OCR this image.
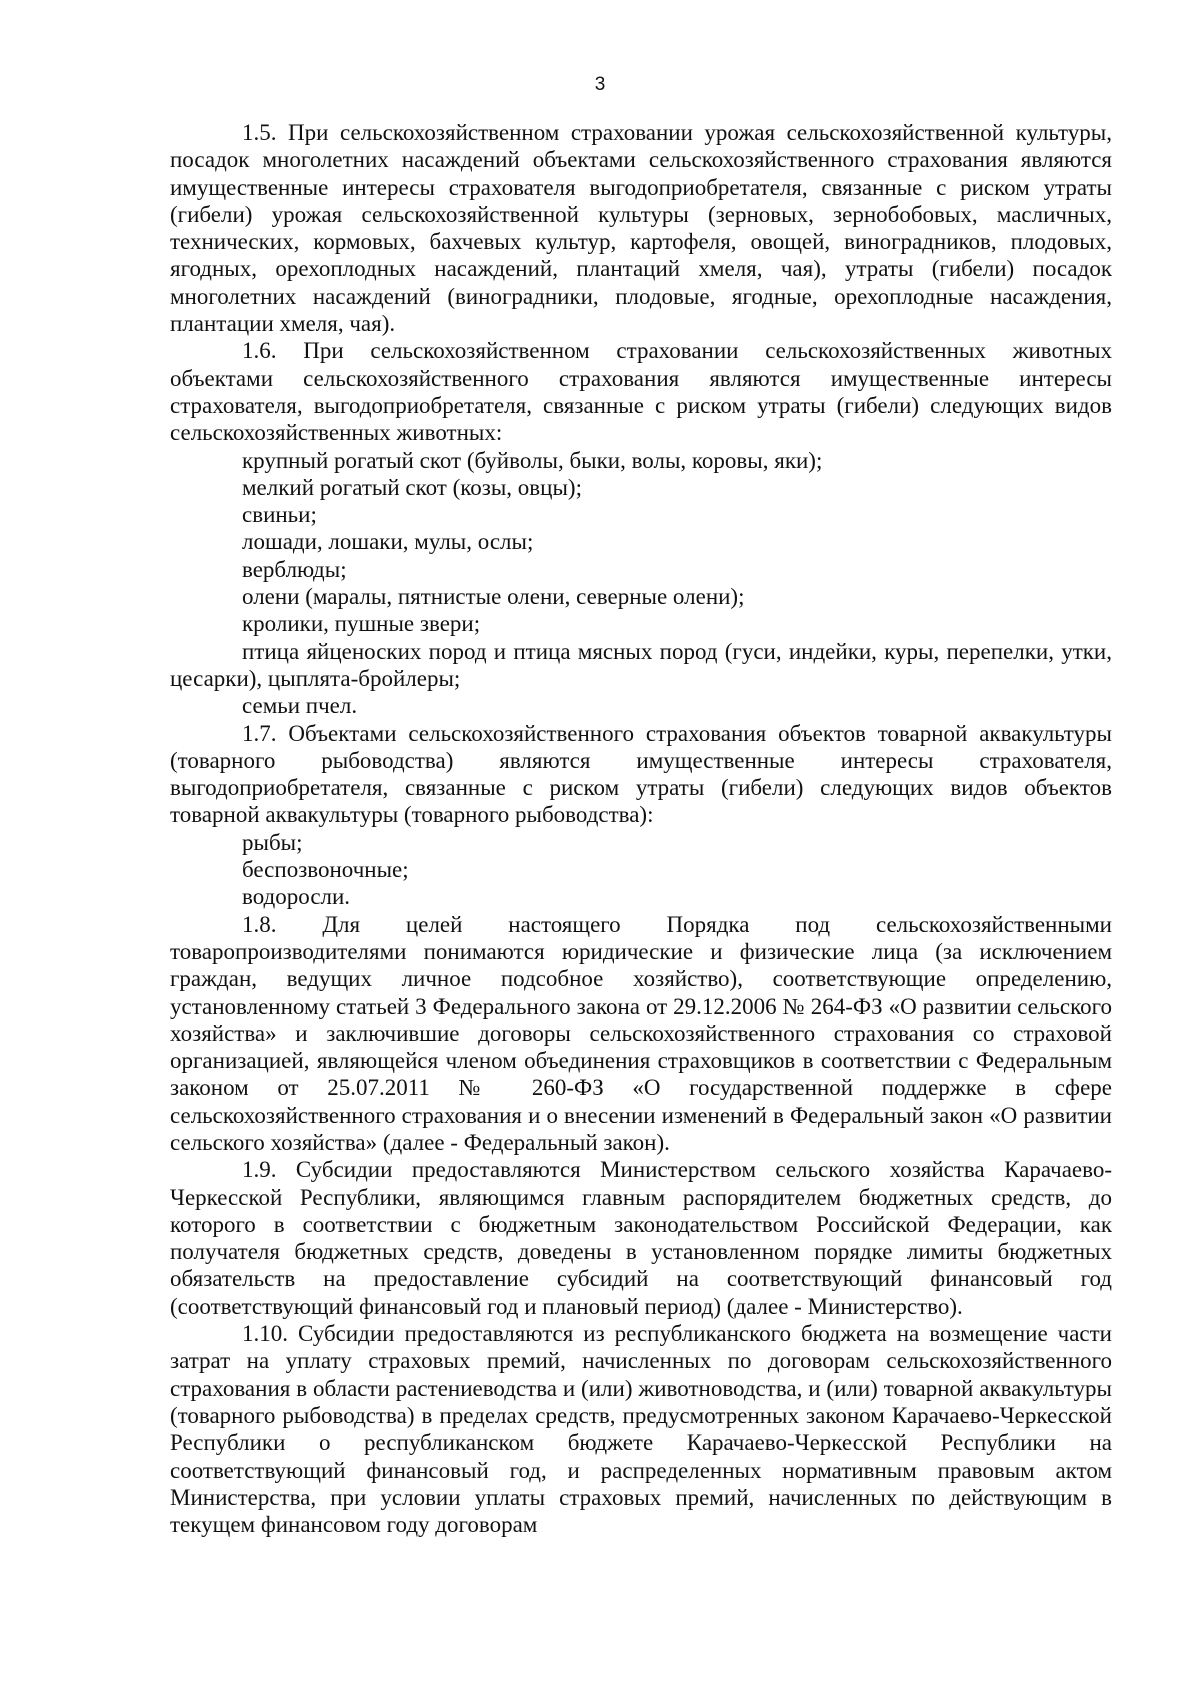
3

1.5. При сельскохозяйственном страховании урожая сельскохозяйственной культуры, посадок многолетних насаждений объектами сельскохозяйственного страхования являются имущественные интересы страхователя выгодоприобретателя, связанные с риском утраты (гибели) урожая сельскохозяйственной культуры (зерновых, зернобобовых, масличных, технических, кормовых, бахчевых культур, картофеля, овощей, виноградников, плодовых, ягодных, орехоплодных насаждений, плантаций хмеля, чая), утраты (гибели) посадок многолетних насаждений (виноградники, плодовые, ягодные, орехоплодные насаждения, плантации хмеля, чая).

1.6. При сельскохозяйственном страховании сельскохозяйственных животных объектами сельскохозяйственного страхования являются имущественные интересы страхователя, выгодоприобретателя, связанные с риском утраты (гибели) следующих видов сельскохозяйственных животных:

крупный рогатый скот (буйволы, быки, волы, коровы, яки);
мелкий рогатый скот (козы, овцы);
свиньи;
лошади, лошаки, мулы, ослы;
верблюды;
олени (маралы, пятнистые олени, северные олени);
кролики, пушные звери;
птица яйценоских пород и птица мясных пород (гуси, индейки, куры, перепелки, утки, цесарки), цыплята-бройлеры;
семьи пчел.

1.7. Объектами сельскохозяйственного страхования объектов товарной аквакультуры (товарного рыбоводства) являются имущественные интересы страхователя, выгодоприобретателя, связанные с риском утраты (гибели) следующих видов объектов товарной аквакультуры (товарного рыбоводства):

рыбы;
беспозвоночные;
водоросли.

1.8. Для целей настоящего Порядка под сельскохозяйственными товаропроизводителями понимаются юридические и физические лица (за исключением граждан, ведущих личное подсобное хозяйство), соответствующие определению, установленному статьей 3 Федерального закона от 29.12.2006 № 264-ФЗ «О развитии сельского хозяйства» и заключившие договоры сельскохозяйственного страхования со страховой организацией, являющейся членом объединения страховщиков в соответствии с Федеральным законом от 25.07.2011 № 260-ФЗ «О государственной поддержке в сфере сельскохозяйственного страхования и о внесении изменений в Федеральный закон «О развитии сельского хозяйства» (далее - Федеральный закон).

1.9. Субсидии предоставляются Министерством сельского хозяйства Карачаево-Черкесской Республики, являющимся главным распорядителем бюджетных средств, до которого в соответствии с бюджетным законодательством Российской Федерации, как получателя бюджетных средств, доведены в установленном порядке лимиты бюджетных обязательств на предоставление субсидий на соответствующий финансовый год (соответствующий финансовый год и плановый период) (далее - Министерство).

1.10. Субсидии предоставляются из республиканского бюджета на возмещение части затрат на уплату страховых премий, начисленных по договорам сельскохозяйственного страхования в области растениеводства и (или) животноводства, и (или) товарной аквакультуры (товарного рыбоводства) в пределах средств, предусмотренных законом Карачаево-Черкесской Республики о республиканском бюджете Карачаево-Черкесской Республики на соответствующий финансовый год, и распределенных нормативным правовым актом Министерства, при условии уплаты страховых премий, начисленных по действующим в текущем финансовом году договорам
